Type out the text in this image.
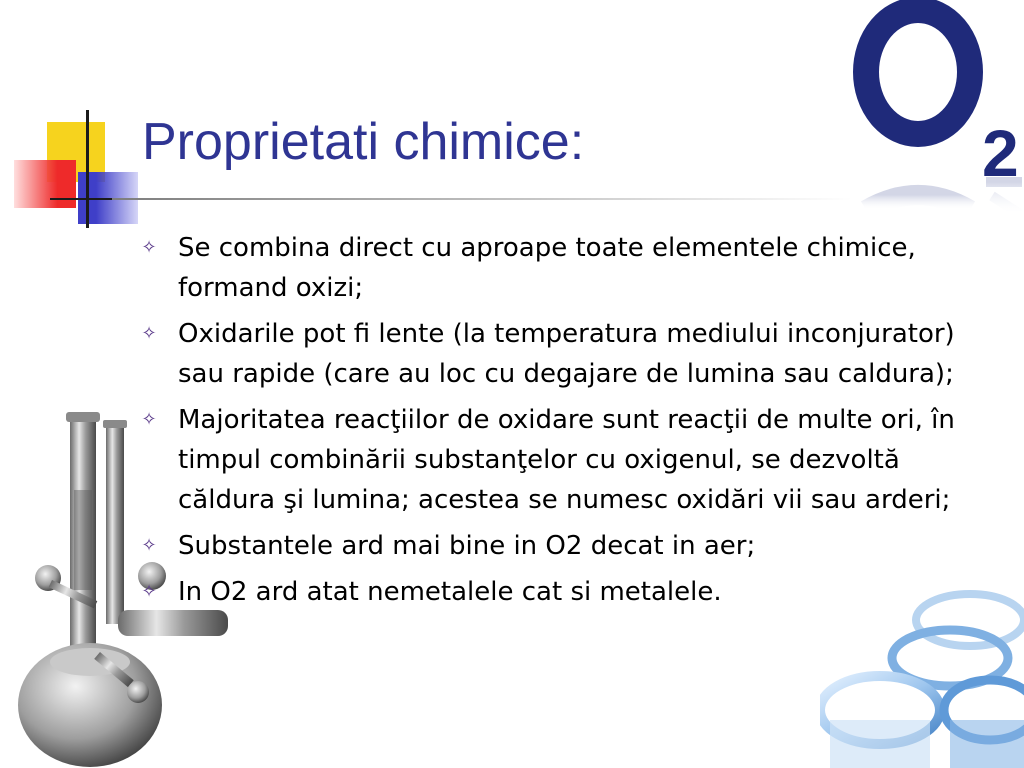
Proprietati chimice:	2
✧ Se combina direct cu aproape toate elementele chimice, formand oxizi;
✧ Oxidarile pot fi lente (la temperatura mediului inconjurator) sau rapide (care au loc cu degajare de lumina sau caldura);
✧ Majoritatea reacţiilor de oxidare sunt reacţii de multe ori, în timpul combinării substanţelor cu oxigenul, se dezvoltă căldura şi lumina; acestea se numesc oxidări vii sau arderi;
✧ Substantele ard mai bine in O2 decat in aer;
✧ In O2 ard atat nemetalele cat si metalele.
